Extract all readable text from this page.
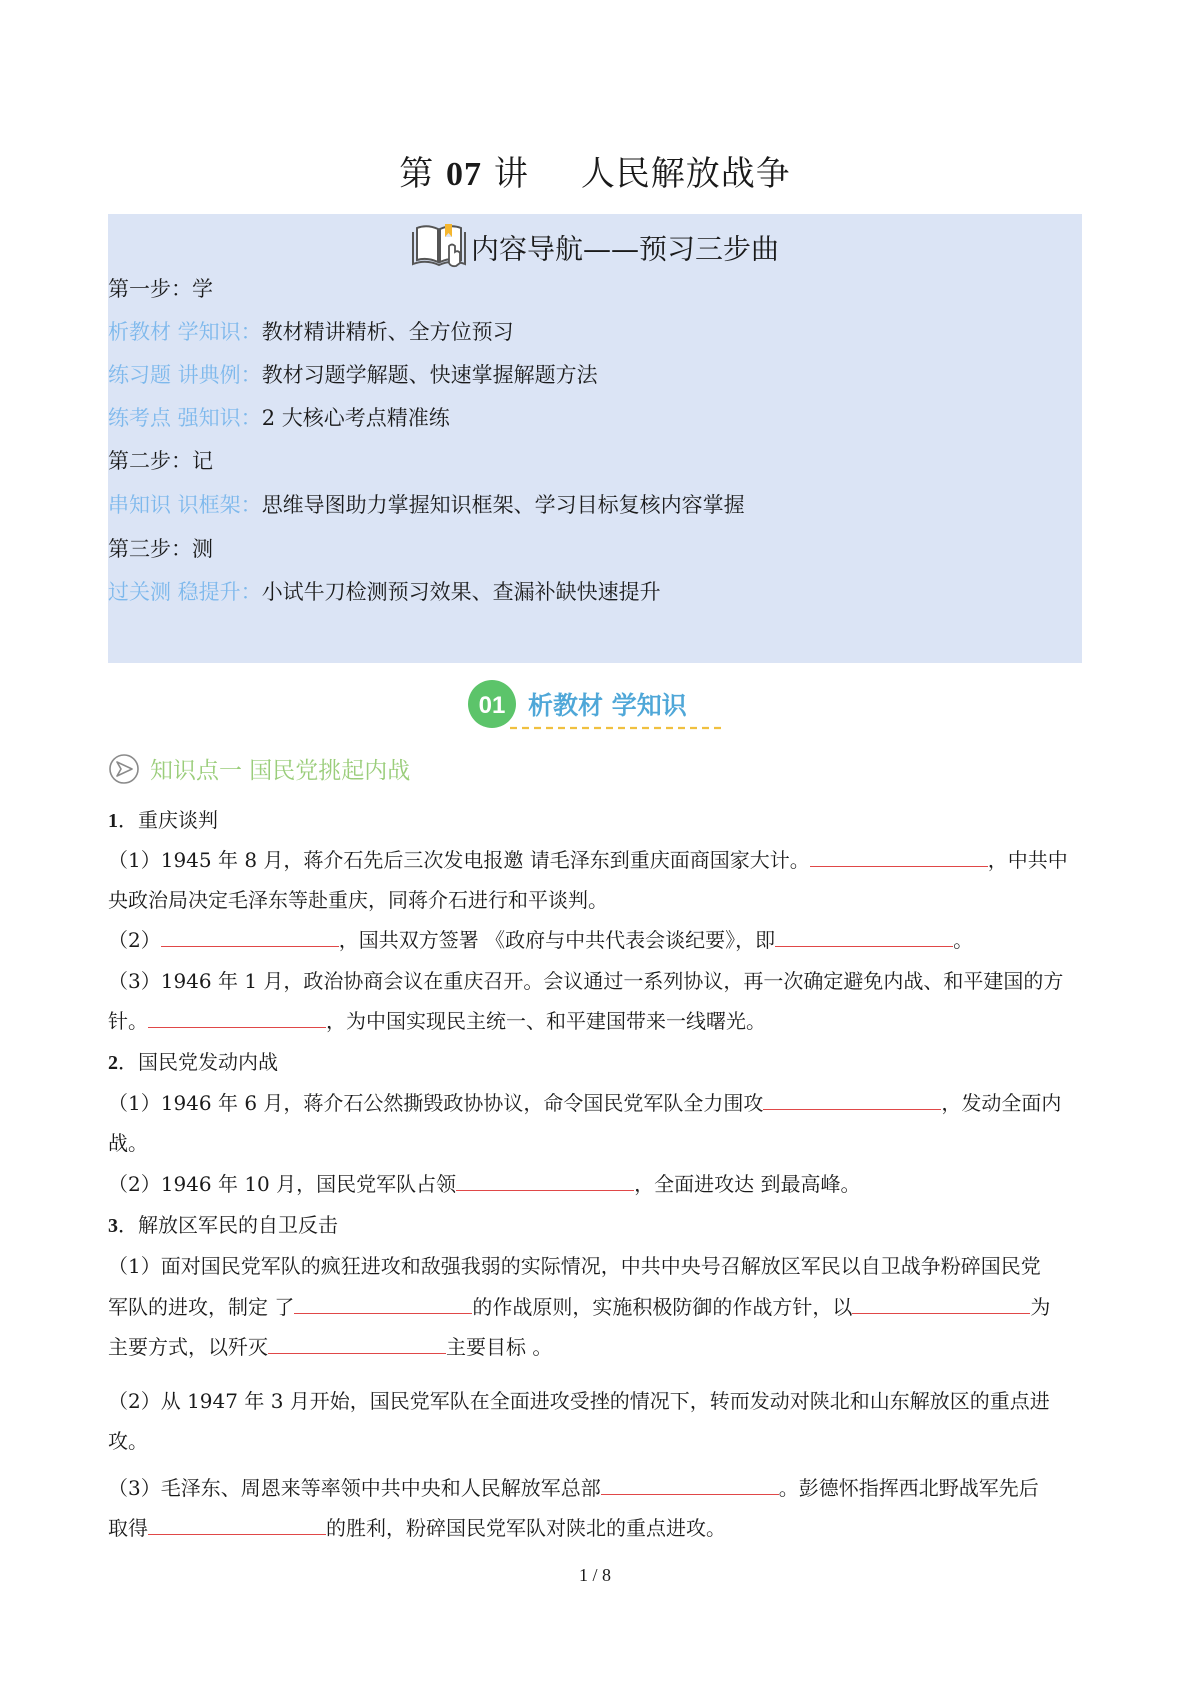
第 07 讲 人民解放战争
内容导航——预习三步曲
第一步：学
析教材 学知识：教材精讲精析、全方位预习
练习题 讲典例：教材习题学解题、快速掌握解题方法
练考点 强知识：2 大核心考点精准练
第二步：记
串知识 识框架：思维导图助力掌握知识框架、学习目标复核内容掌握
第三步：测
过关测 稳提升：小试牛刀检测预习效果、查漏补缺快速提升
01 析教材 学知识
知识点一 国民党挑起内战
1．重庆谈判
（1）1945 年 8 月，蒋介石先后三次发电报邀 请毛泽东到重庆面商国家大计。	，中共中
央政治局决定毛泽东等赴重庆，同蒋介石进行和平谈判。
（2）	，国共双方签署 《政府与中共代表会谈纪要》，即	。
（3）1946 年 1 月，政治协商会议在重庆召开。会议通过一系列协议，再一次确定避免内战、和平建国的方
针。	，为中国实现民主统一、和平建国带来一线曙光。
2．国民党发动内战
（1）1946 年 6 月，蒋介石公然撕毁政协协议，命令国民党军队全力围攻	，发动全面内
战。
（2）1946 年 10 月，国民党军队占领	，全面进攻达 到最高峰。
3．解放区军民的自卫反击
（1）面对国民党军队的疯狂进攻和敌强我弱的实际情况，中共中央号召解放区军民以自卫战争粉碎国民党
军队的进攻，制定 了	的作战原则，实施积极防御的作战方针，以	为
主要方式，以歼灭	主要目标 。
（2）从 1947 年 3 月开始，国民党军队在全面进攻受挫的情况下，转而发动对陕北和山东解放区的重点进
攻。
（3）毛泽东、周恩来等率领中共中央和人民解放军总部	。彭德怀指挥西北野战军先后
取得	的胜利，粉碎国民党军队对陕北的重点进攻。
1 / 8
